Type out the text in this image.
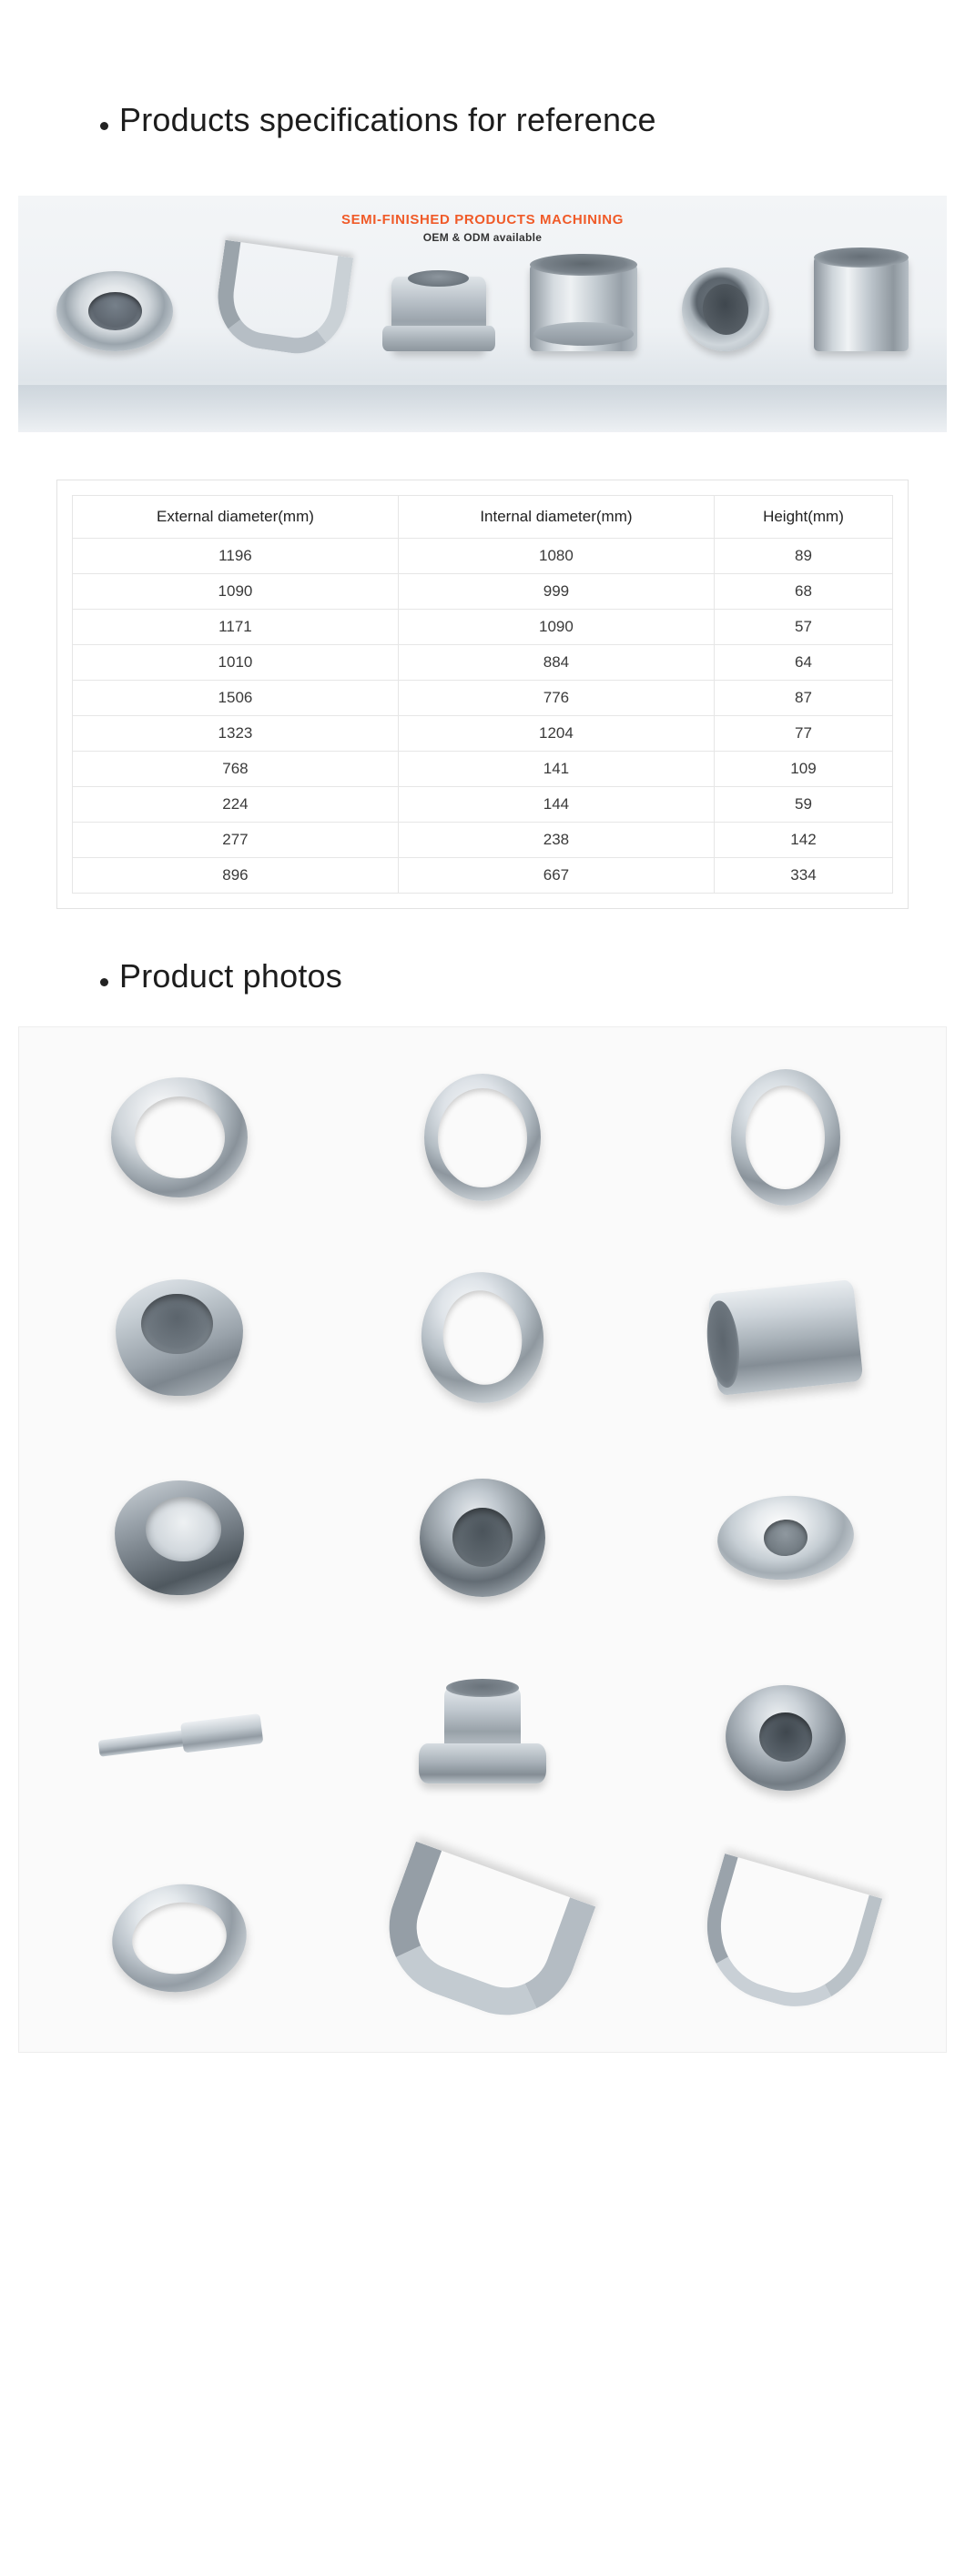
Products specifications for reference
SEMI-FINISHED PRODUCTS MACHINING
OEM & ODM available
External diameter(mm)	Internal diameter(mm)	Height(mm)
1196	1080	89
1090	999	68
1171	1090	57
1010	884	64
1506	776	87
1323	1204	77
768	141	109
224	144	59
277	238	142
896	667	334
Product photos
